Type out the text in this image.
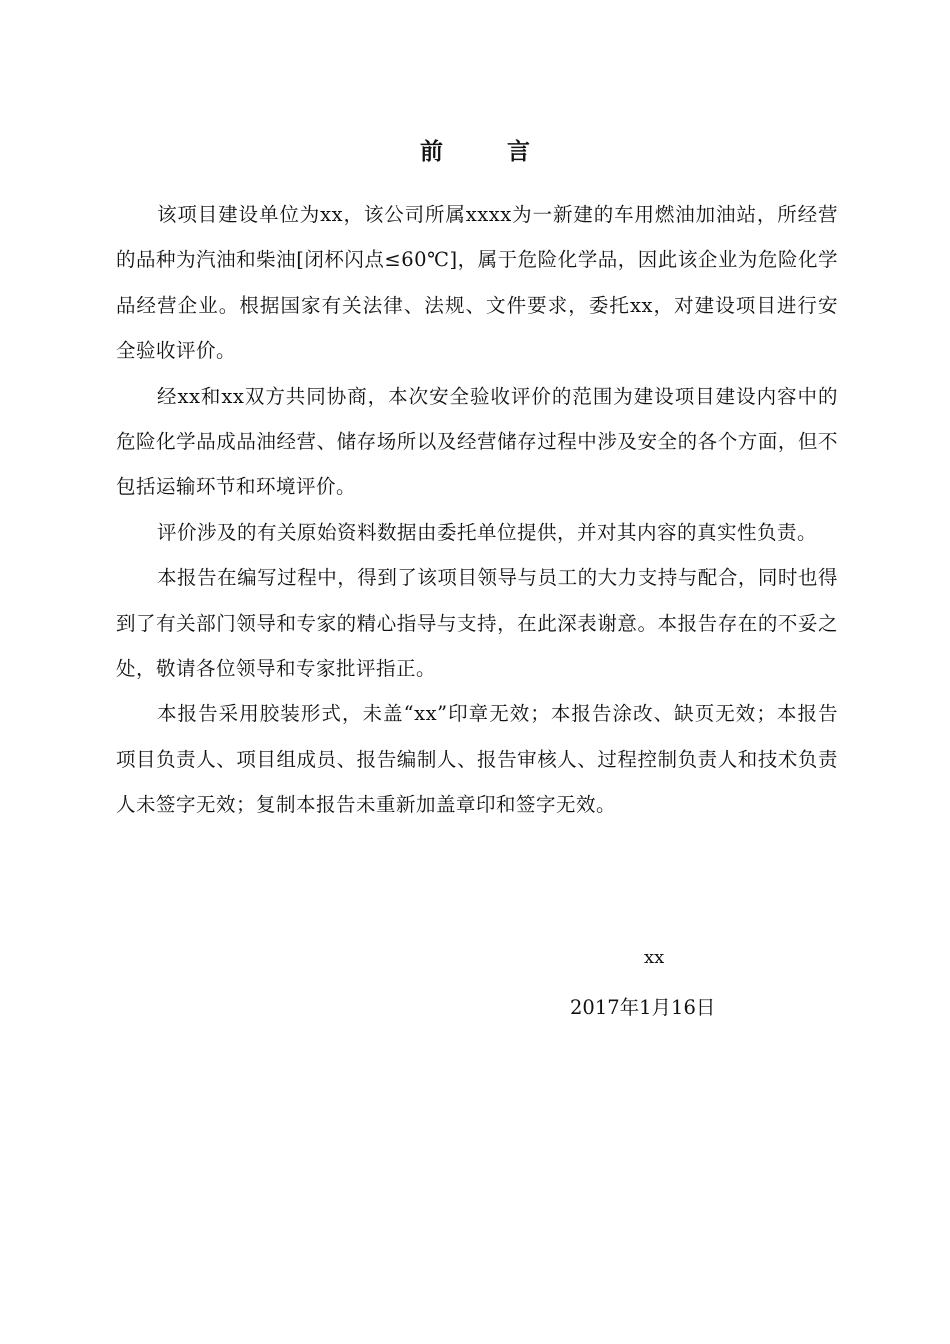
前 言

该项目建设单位为xx，该公司所属xxxx为一新建的车用燃油加油站，所经营的品种为汽油和柴油[闭杯闪点≤60℃]，属于危险化学品，因此该企业为危险化学品经营企业。根据国家有关法律、法规、文件要求，委托xx，对建设项目进行安全验收评价。

经xx和xx双方共同协商，本次安全验收评价的范围为建设项目建设内容中的危险化学品成品油经营、储存场所以及经营储存过程中涉及安全的各个方面，但不包括运输环节和环境评价。

评价涉及的有关原始资料数据由委托单位提供，并对其内容的真实性负责。

本报告在编写过程中，得到了该项目领导与员工的大力支持与配合，同时也得到了有关部门领导和专家的精心指导与支持，在此深表谢意。本报告存在的不妥之处，敬请各位领导和专家批评指正。

本报告采用胶装形式，未盖“xx”印章无效；本报告涂改、缺页无效；本报告项目负责人、项目组成员、报告编制人、报告审核人、过程控制负责人和技术负责人未签字无效；复制本报告未重新加盖章印和签字无效。

xx

2017年1月16日
